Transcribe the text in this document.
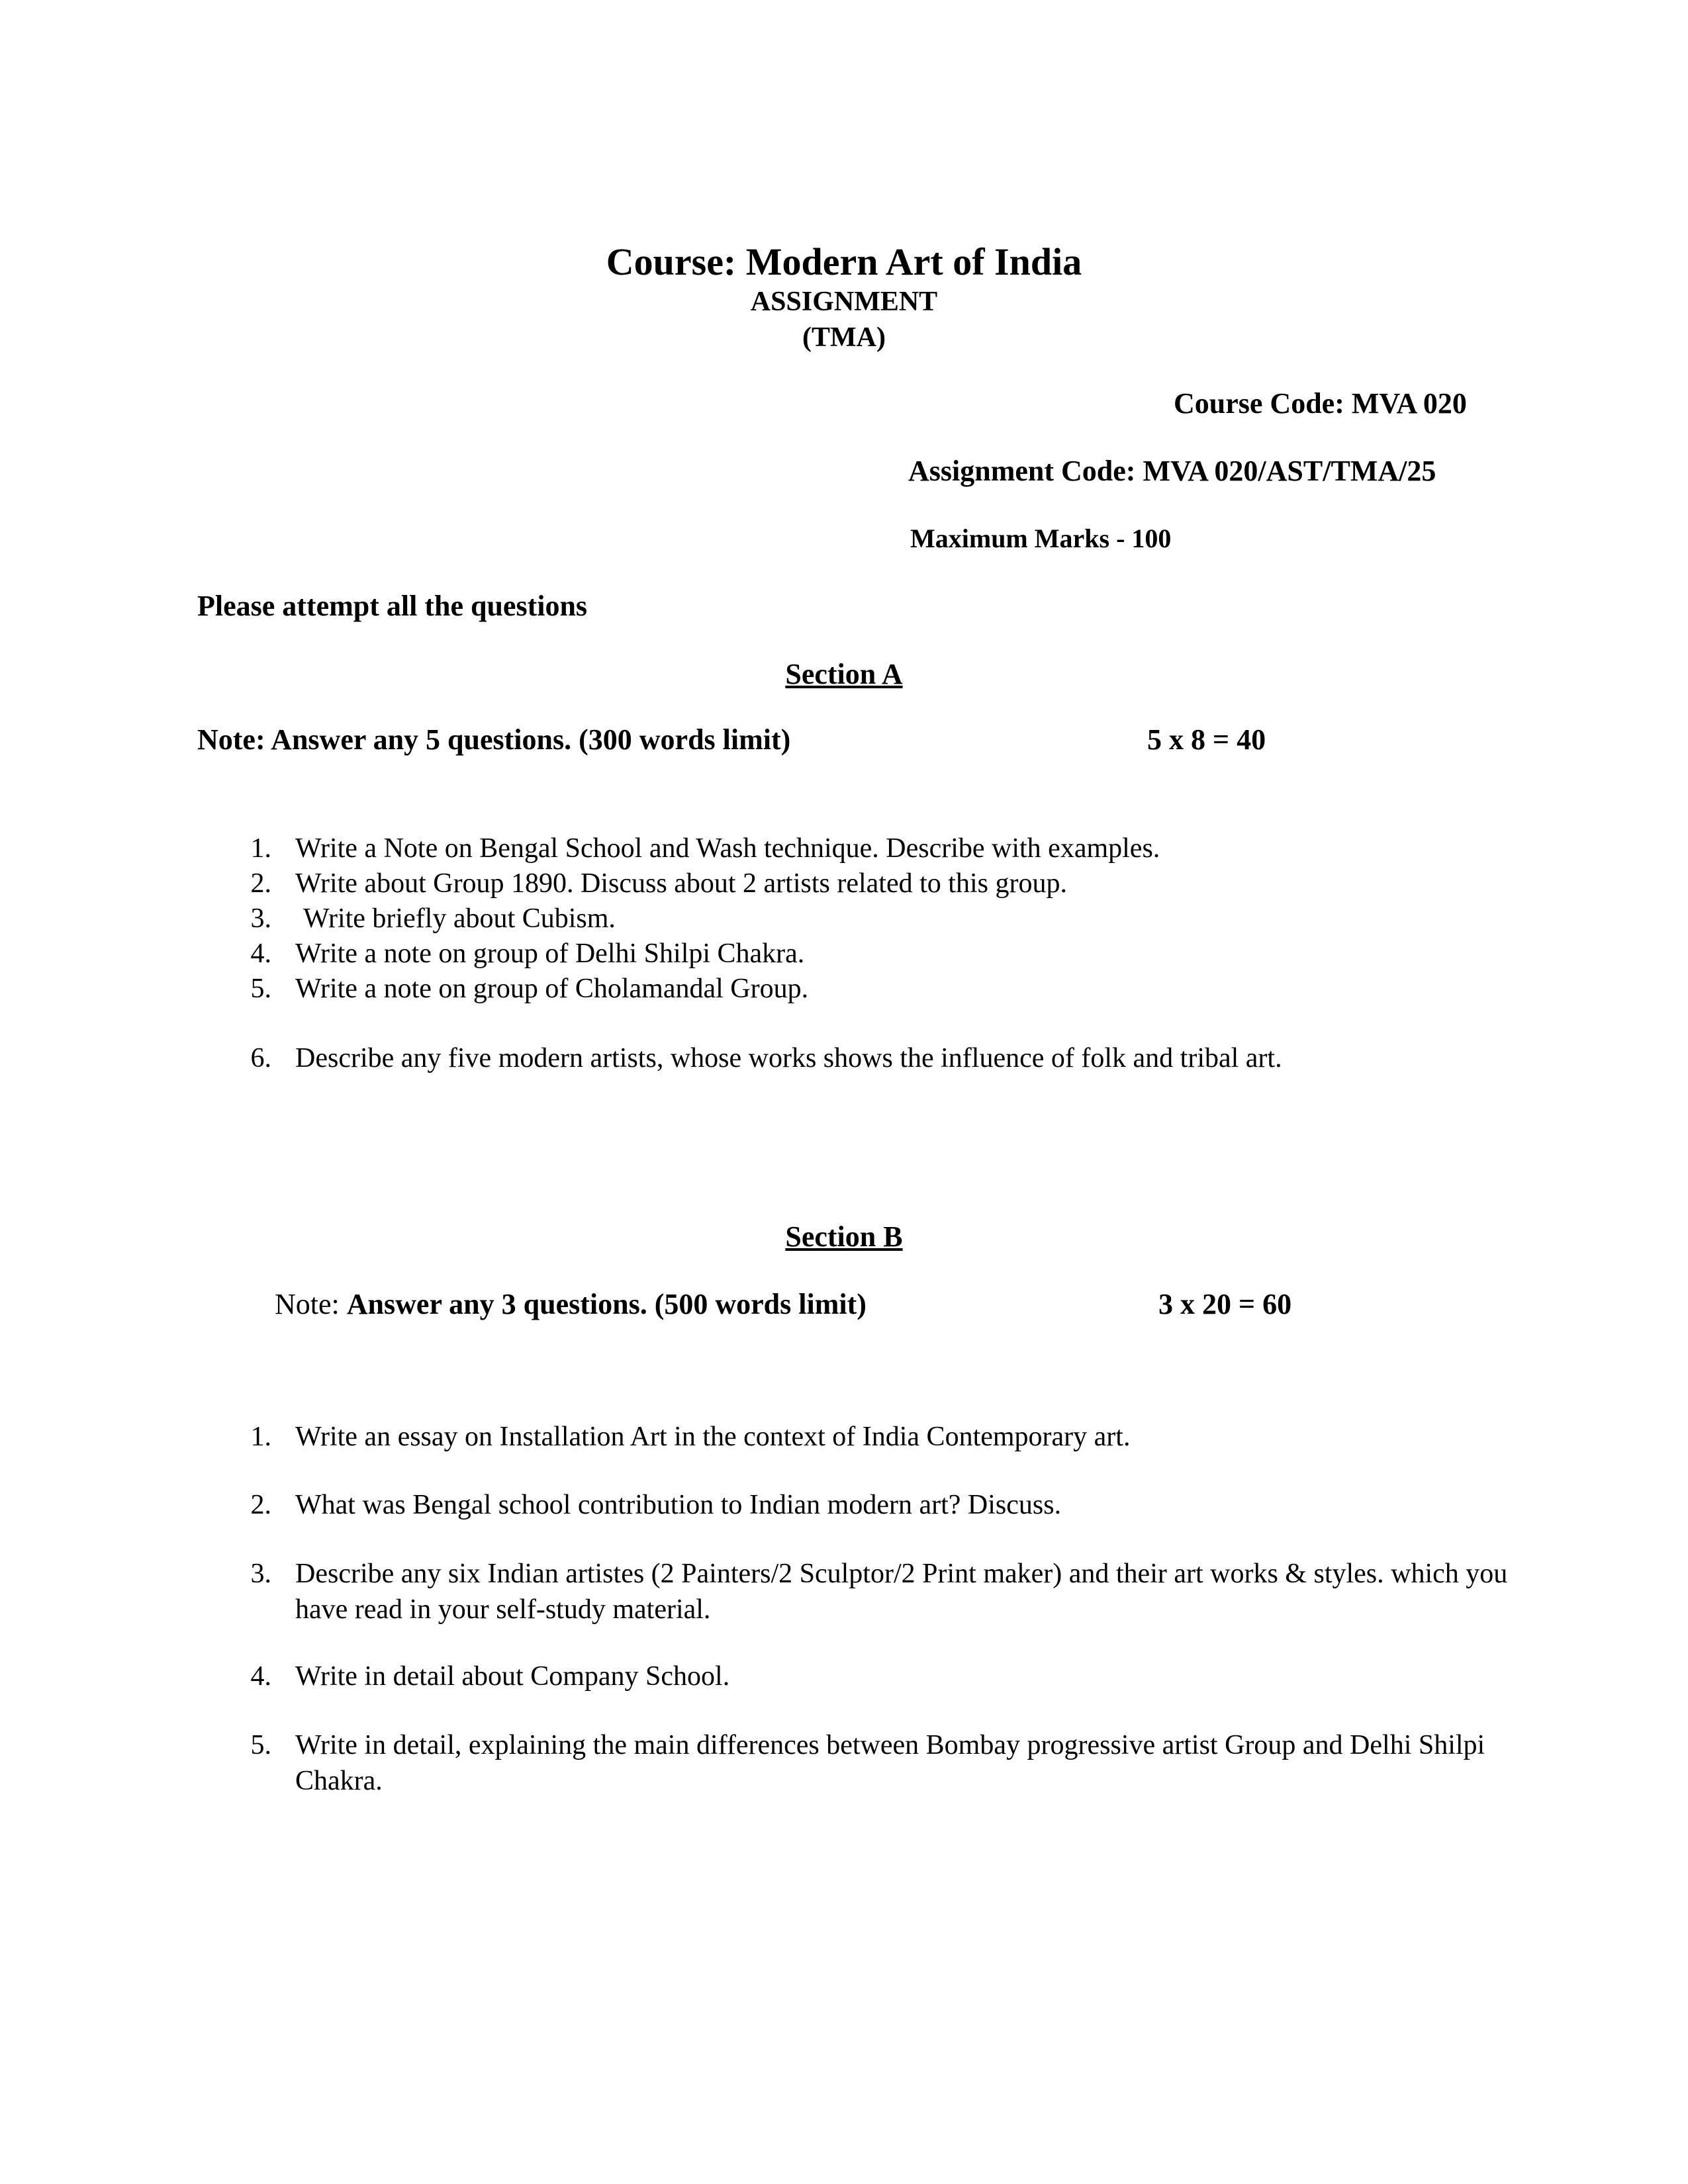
Course: Modern Art of India
ASSIGNMENT
(TMA)
Course Code: MVA 020
Assignment Code: MVA 020/AST/TMA/25
Maximum Marks - 100
Please attempt all the questions
Section A
Note: Answer any 5 questions. (300 words limit)	5 x 8 = 40
1. Write a Note on Bengal School and Wash technique. Describe with examples.
2. Write about Group 1890. Discuss about 2 artists related to this group.
3. Write briefly about Cubism.
4. Write a note on group of Delhi Shilpi Chakra.
5. Write a note on group of Cholamandal Group.
6. Describe any five modern artists, whose works shows the influence of folk and tribal art.
Section B
Note: Answer any 3 questions. (500 words limit)	3 x 20 = 60
1. Write an essay on Installation Art in the context of India Contemporary art.
2. What was Bengal school contribution to Indian modern art? Discuss.
3. Describe any six Indian artistes (2 Painters/2 Sculptor/2 Print maker) and their art works & styles. which you have read in your self-study material.
4. Write in detail about Company School.
5. Write in detail, explaining the main differences between Bombay progressive artist Group and Delhi Shilpi Chakra.
